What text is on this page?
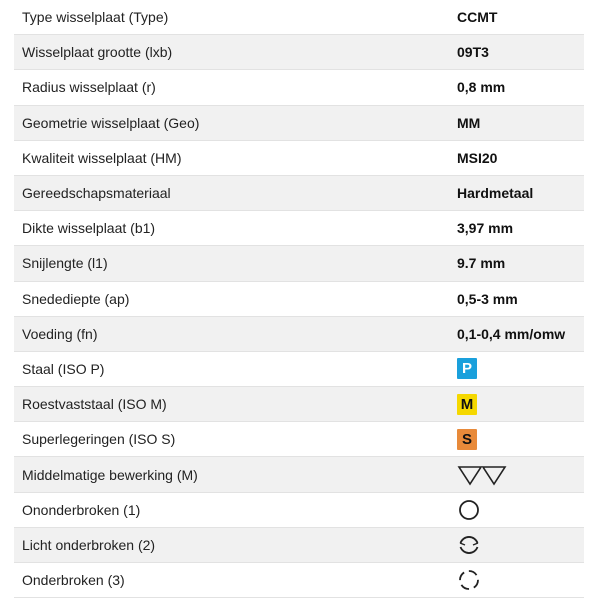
Type wisselplaat (Type)	CCMT
Wisselplaat grootte (lxb)	09T3
Radius wisselplaat (r)	0,8 mm
Geometrie wisselplaat (Geo)	MM
Kwaliteit wisselplaat (HM)	MSI20
Gereedschapsmateriaal	Hardmetaal
Dikte wisselplaat (b1)	3,97 mm
Snijlengte (l1)	9.7 mm
Snedediepte (ap)	0,5-3 mm
Voeding (fn)	0,1-0,4 mm/omw
Staal (ISO P)	P
Roestvaststaal (ISO M)	M
Superlegeringen (ISO S)	S
Middelmatige bewerking (M)
Ononderbroken (1)
Licht onderbroken (2)
Onderbroken (3)
